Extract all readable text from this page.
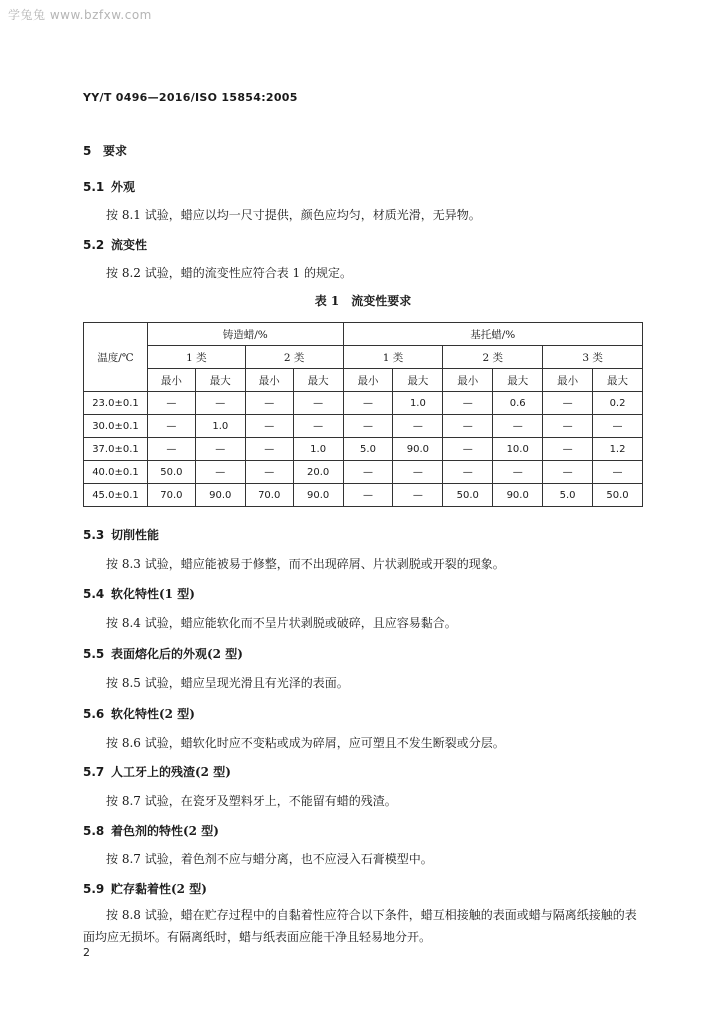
学兔兔 www.bzfxw.com
YY/T 0496—2016/ISO 15854:2005
5 要求
5.1 外观
按 8.1 试验，蜡应以均一尺寸提供，颜色应均匀，材质光滑，无异物。
5.2 流变性
按 8.2 试验，蜡的流变性应符合表 1 的规定。
表 1　流变性要求
温度/℃	铸造蜡/%				基托蜡/%					
	1 类		2 类		1 类		2 类		3 类	
	最小	最大	最小	最大	最小	最大	最小	最大	最小	最大
23.0±0.1	—	—	—	—	—	1.0	—	0.6	—	0.2
30.0±0.1	—	1.0	—	—	—	—	—	—	—	—
37.0±0.1	—	—	—	1.0	5.0	90.0	—	10.0	—	1.2
40.0±0.1	50.0	—	—	20.0	—	—	—	—	—	—
45.0±0.1	70.0	90.0	70.0	90.0	—	—	50.0	90.0	5.0	50.0
5.3 切削性能
按 8.3 试验，蜡应能被易于修整，而不出现碎屑、片状剥脱或开裂的现象。
5.4 软化特性(1 型)
按 8.4 试验，蜡应能软化而不呈片状剥脱或破碎，且应容易黏合。
5.5 表面熔化后的外观(2 型)
按 8.5 试验，蜡应呈现光滑且有光泽的表面。
5.6 软化特性(2 型)
按 8.6 试验，蜡软化时应不变粘或成为碎屑，应可塑且不发生断裂或分层。
5.7 人工牙上的残渣(2 型)
按 8.7 试验，在瓷牙及塑料牙上，不能留有蜡的残渣。
5.8 着色剂的特性(2 型)
按 8.7 试验，着色剂不应与蜡分离，也不应浸入石膏模型中。
5.9 贮存黏着性(2 型)
按 8.8 试验，蜡在贮存过程中的自黏着性应符合以下条件，蜡互相接触的表面或蜡与隔离纸接触的表面均应无损坏。有隔离纸时，蜡与纸表面应能干净且轻易地分开。
2
